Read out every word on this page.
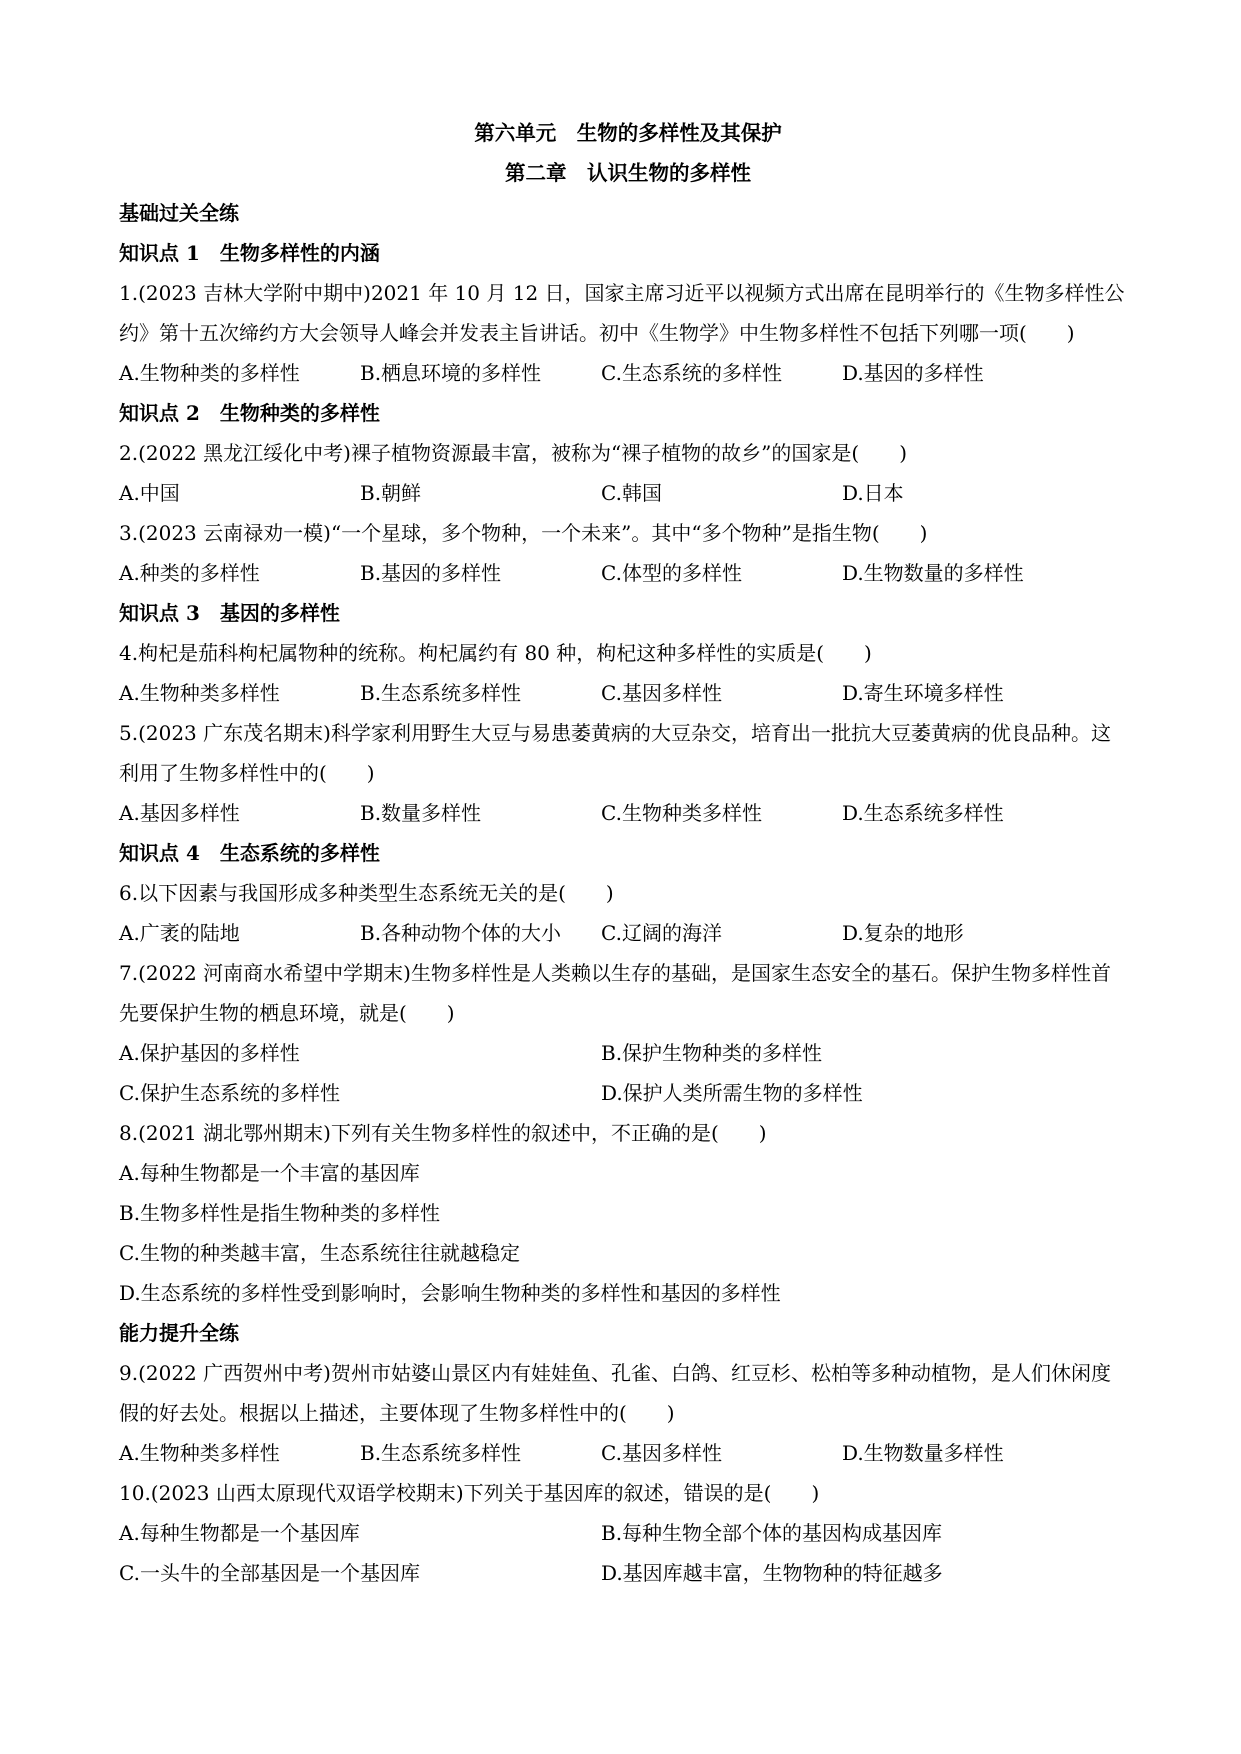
第六单元　生物的多样性及其保护
第二章　认识生物的多样性
基础过关全练
知识点 1　生物多样性的内涵
1.(2023 吉林大学附中期中)2021 年 10 月 12 日，国家主席习近平以视频方式出席在昆明举行的《生物多样性公约》第十五次缔约方大会领导人峰会并发表主旨讲话。初中《生物学》中生物多样性不包括下列哪一项(　　)
A.生物种类的多样性	B.栖息环境的多样性	C.生态系统的多样性	D.基因的多样性
知识点 2　生物种类的多样性
2.(2022 黑龙江绥化中考)裸子植物资源最丰富，被称为“裸子植物的故乡”的国家是(　　)
A.中国	B.朝鲜	C.韩国	D.日本
3.(2023 云南禄劝一模)“一个星球，多个物种，一个未来”。其中“多个物种”是指生物(　　)
A.种类的多样性	B.基因的多样性	C.体型的多样性	D.生物数量的多样性
知识点 3　基因的多样性
4.枸杞是茄科枸杞属物种的统称。枸杞属约有 80 种，枸杞这种多样性的实质是(　　)
A.生物种类多样性	B.生态系统多样性	C.基因多样性	D.寄生环境多样性
5.(2023 广东茂名期末)科学家利用野生大豆与易患萎黄病的大豆杂交，培育出一批抗大豆萎黄病的优良品种。这利用了生物多样性中的(　　)
A.基因多样性	B.数量多样性	C.生物种类多样性	D.生态系统多样性
知识点 4　生态系统的多样性
6.以下因素与我国形成多种类型生态系统无关的是(　　)
A.广袤的陆地	B.各种动物个体的大小	C.辽阔的海洋	D.复杂的地形
7.(2022 河南商水希望中学期末)生物多样性是人类赖以生存的基础，是国家生态安全的基石。保护生物多样性首先要保护生物的栖息环境，就是(　　)
A.保护基因的多样性	B.保护生物种类的多样性
C.保护生态系统的多样性	D.保护人类所需生物的多样性
8.(2021 湖北鄂州期末)下列有关生物多样性的叙述中，不正确的是(　　)
A.每种生物都是一个丰富的基因库
B.生物多样性是指生物种类的多样性
C.生物的种类越丰富，生态系统往往就越稳定
D.生态系统的多样性受到影响时，会影响生物种类的多样性和基因的多样性
能力提升全练
9.(2022 广西贺州中考)贺州市姑婆山景区内有娃娃鱼、孔雀、白鸽、红豆杉、松柏等多种动植物，是人们休闲度假的好去处。根据以上描述，主要体现了生物多样性中的(　　)
A.生物种类多样性	B.生态系统多样性	C.基因多样性	D.生物数量多样性
10.(2023 山西太原现代双语学校期末)下列关于基因库的叙述，错误的是(　　)
A.每种生物都是一个基因库	B.每种生物全部个体的基因构成基因库
C.一头牛的全部基因是一个基因库	D.基因库越丰富，生物物种的特征越多
